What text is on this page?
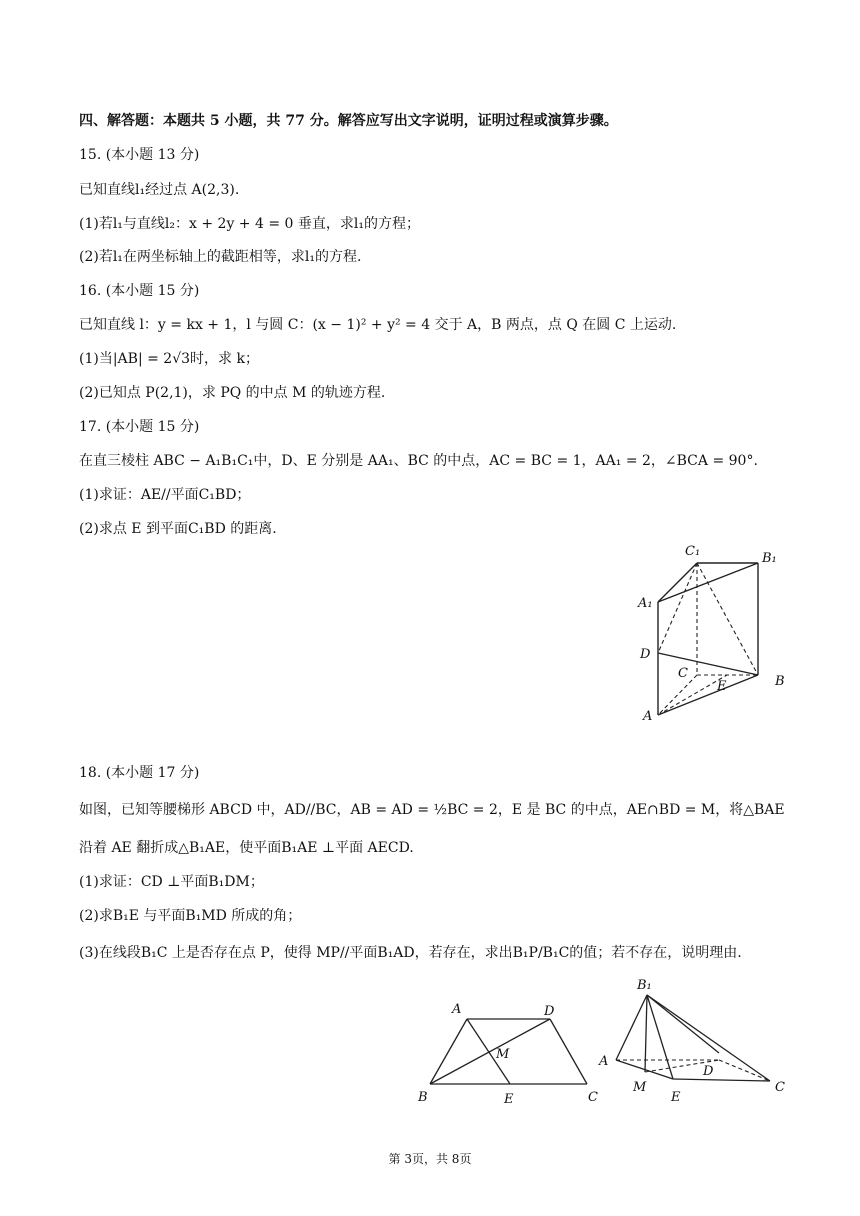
四、解答题：本题共 5 小题，共 77 分。解答应写出文字说明，证明过程或演算步骤。
15. (本小题 13 分)
已知直线l₁经过点 A(2,3).
(1)若l₁与直线l₂：x + 2y + 4 = 0 垂直，求l₁的方程；
(2)若l₁在两坐标轴上的截距相等，求l₁的方程.
16. (本小题 15 分)
已知直线 l：y = kx + 1，l 与圆 C：(x − 1)² + y² = 4 交于 A，B 两点，点 Q 在圆 C 上运动.
(1)当|AB| = 2√3时，求 k；
(2)已知点 P(2,1)，求 PQ 的中点 M 的轨迹方程.
17. (本小题 15 分)
在直三棱柱 ABC − A₁B₁C₁中，D、E 分别是 AA₁、BC 的中点，AC = BC = 1，AA₁ = 2，∠BCA = 90°.
(1)求证：AE//平面C₁BD；
(2)求点 E 到平面C₁BD 的距离.
C₁	B₁
A₁
D
C
E	B
A
18. (本小题 17 分)
如图，已知等腰梯形 ABCD 中，AD//BC，AB = AD = ½BC = 2，E 是 BC 的中点，AE∩BD = M，将△BAE
沿着 AE 翻折成△B₁AE，使平面B₁AE ⊥平面 AECD.
(1)求证：CD ⊥平面B₁DM；
(2)求B₁E 与平面B₁MD 所成的角；
(3)在线段B₁C 上是否存在点 P，使得 MP//平面B₁AD，若存在，求出B₁P/B₁C的值；若不存在，说明理由.
A	D
M
B	E	C
B₁
A
D
M
E
C
第 3页，共 8页
